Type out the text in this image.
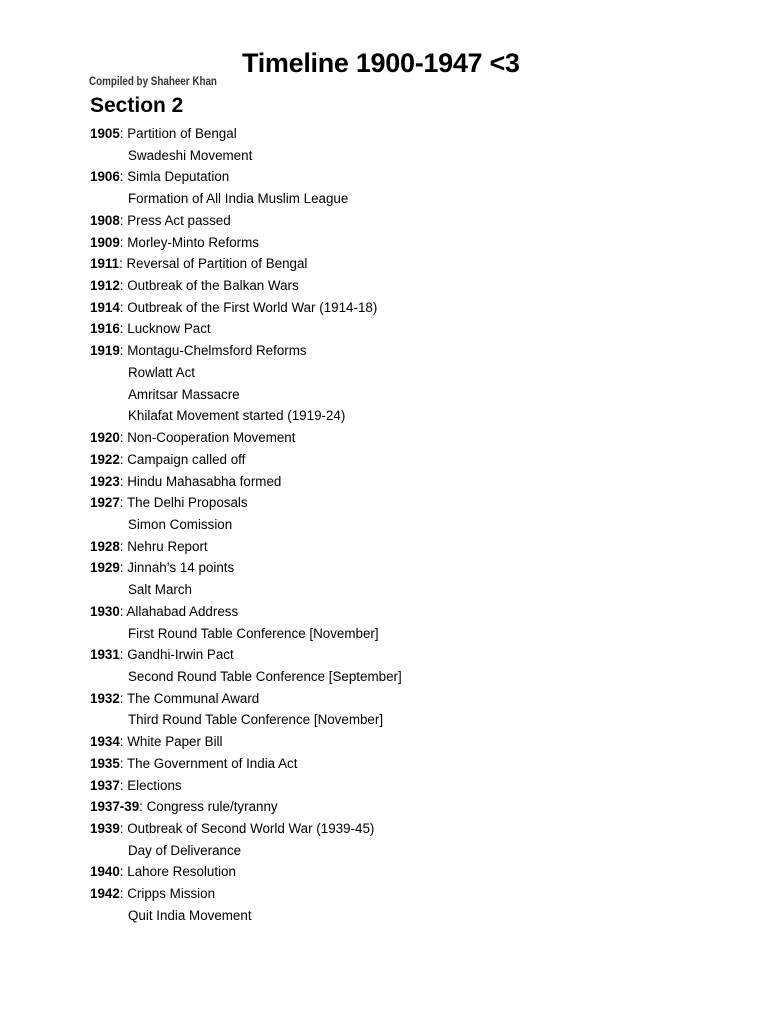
Timeline 1900-1947 <3
Compiled by Shaheer Khan
Section 2
1905: Partition of Bengal
Swadeshi Movement
1906: Simla Deputation
Formation of All India Muslim League
1908: Press Act passed
1909: Morley-Minto Reforms
1911: Reversal of Partition of Bengal
1912: Outbreak of the Balkan Wars
1914: Outbreak of the First World War (1914-18)
1916: Lucknow Pact
1919: Montagu-Chelmsford Reforms
Rowlatt Act
Amritsar Massacre
Khilafat Movement started (1919-24)
1920: Non-Cooperation Movement
1922: Campaign called off
1923: Hindu Mahasabha formed
1927: The Delhi Proposals
Simon Comission
1928: Nehru Report
1929: Jinnah’s 14 points
Salt March
1930: Allahabad Address
First Round Table Conference [November]
1931: Gandhi-Irwin Pact
Second Round Table Conference [September]
1932: The Communal Award
Third Round Table Conference [November]
1934: White Paper Bill
1935: The Government of India Act
1937: Elections
1937-39: Congress rule/tyranny
1939: Outbreak of Second World War (1939-45)
Day of Deliverance
1940: Lahore Resolution
1942: Cripps Mission
Quit India Movement
